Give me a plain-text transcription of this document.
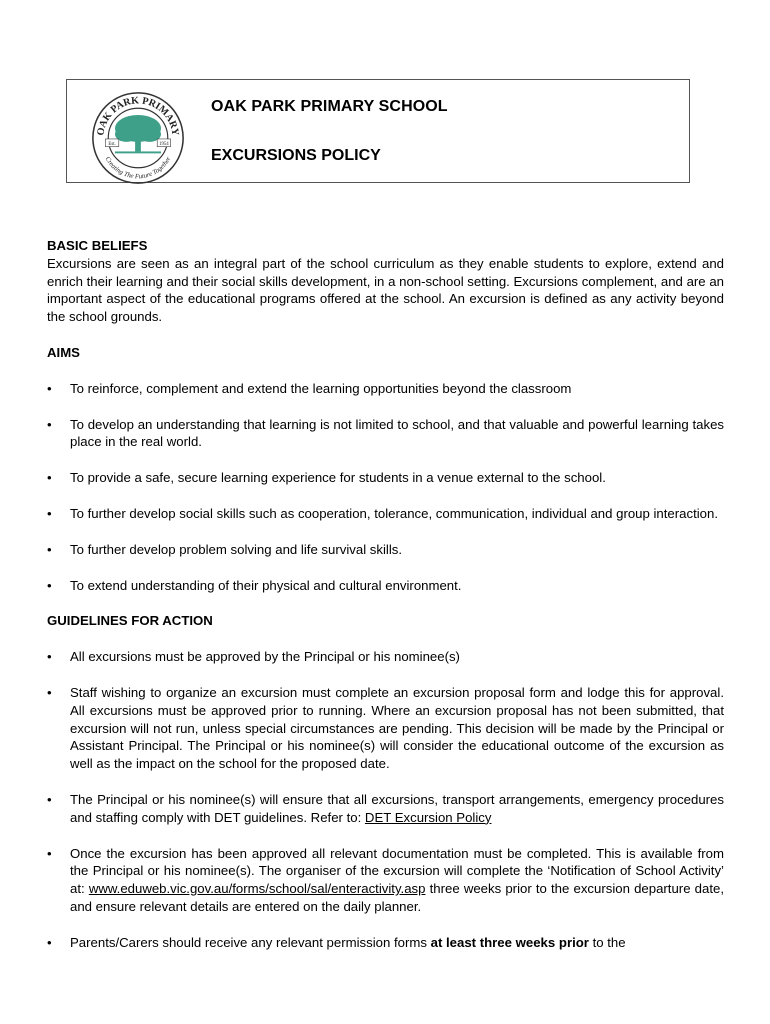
OAK PARK PRIMARY
Creating The Future Together
Est.	1954
OAK PARK PRIMARY SCHOOL
EXCURSIONS POLICY
BASIC BELIEFS

Excursions are seen as an integral part of the school curriculum as they enable students to explore, extend and enrich their learning and their social skills development, in a non-school setting. Excursions complement, and are an important aspect of the educational programs offered at the school. An excursion is defined as any activity beyond the school grounds.

AIMS
•	To reinforce, complement and extend the learning opportunities beyond the classroom
•	To develop an understanding that learning is not limited to school, and that valuable and powerful learning takes place in the real world.
•	To provide a safe, secure learning experience for students in a venue external to the school.
•	To further develop social skills such as cooperation, tolerance, communication, individual and group interaction.
•	To further develop problem solving and life survival skills.
•	To extend understanding of their physical and cultural environment.
GUIDELINES FOR ACTION
•	All excursions must be approved by the Principal or his nominee(s)
•	Staff wishing to organize an excursion must complete an excursion proposal form and lodge this for approval. All excursions must be approved prior to running. Where an excursion proposal has not been submitted, that excursion will not run, unless special circumstances are pending. This decision will be made by the Principal or Assistant Principal. The Principal or his nominee(s) will consider the educational outcome of the excursion as well as the impact on the school for the proposed date.
•	The Principal or his nominee(s) will ensure that all excursions, transport arrangements, emergency procedures and staffing comply with DET guidelines. Refer to: DET Excursion Policy
•	Once the excursion has been approved all relevant documentation must be completed. This is available from the Principal or his nominee(s). The organiser of the excursion will complete the ‘Notification of School Activity’ at: www.eduweb.vic.gov.au/forms/school/sal/enteractivity.asp three weeks prior to the excursion departure date, and ensure relevant details are entered on the daily planner.
•	Parents/Carers should receive any relevant permission forms at least three weeks prior to the
